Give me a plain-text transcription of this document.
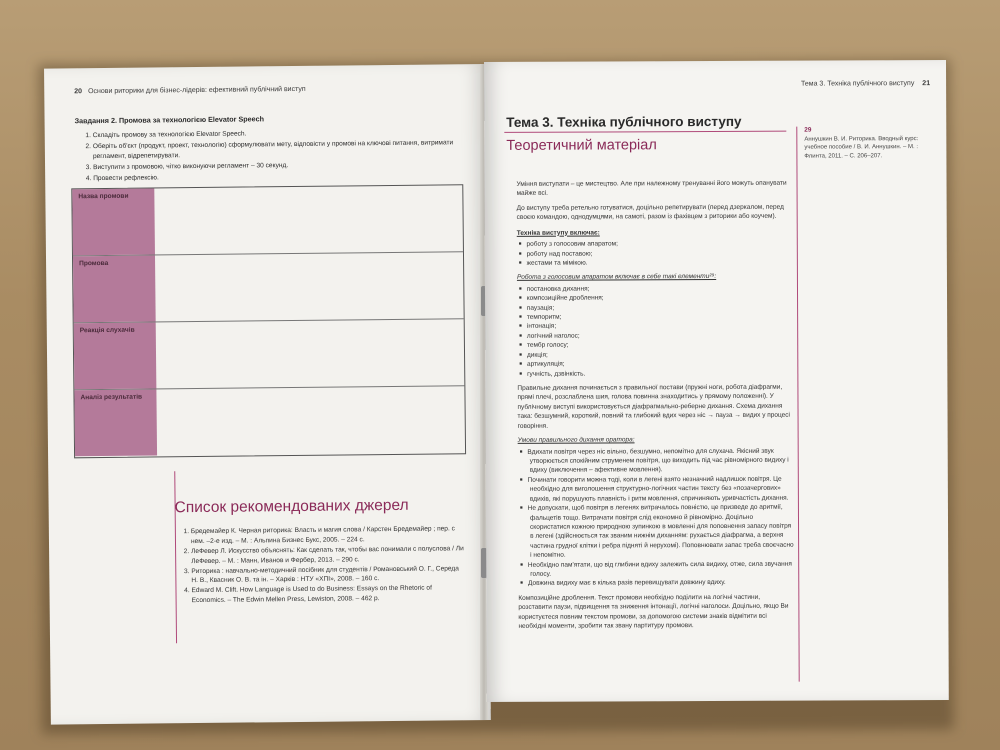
20 Основи риторики для бізнес-лідерів: ефективний публічний виступ
Завдання 2. Промова за технологією Elevator Speech
1. Складіть промову за технологією Elevator Speech.
2. Оберіть об'єкт (продукт, проект, технологію) сформулювати мету, відповісти у промові на ключові питання, витримати регламент, відрепетирувати.
3. Виступити з промовою, чітко виконуючи регламент – 30 секунд.
4. Провести рефлексію.
Назва промови
Промова
Реакція слухачів
Аналіз результатів
Список рекомендованих джерел
1. Бредемайер К. Черная риторика: Власть и магия слова / Карстен Бредемайер ; пер. с нем. –2-е изд. – М. : Альпина Бизнес Букс, 2005. – 224 с.
2. ЛеФевер Л. Искусство объяснять: Как сделать так, чтобы вас понимали с полуслова / Ли ЛеФевер. – М. : Манн, Иванов и Фербер, 2013. – 290 с.
3. Риторика : навчально-методичний посібник для студентів / Романовський О. Г., Середа Н. В., Квасник О. В. та ін. – Харків : НТУ «ХПІ», 2008. – 160 с.
4. Edward M. Clift. How Language is Used to do Business: Essays on the Rhetoric of Economics. – The Edwin Mellen Press, Lewiston, 2008. – 462 p.
Тема 3. Техніка публічного виступу 21
Тема 3. Техніка публічного виступу
Теоретичний матеріал
29
Аннушкин В. И. Риторика. Вводный курс: учебное пособие / В. И. Аннушкин. – М. : Флинта, 2011. – С. 206–207.

Уміння виступати – це мистецтво. Але при належному тренуванні його можуть опанувати майже всі.

До виступу треба ретельно готуватися, доцільно репетирувати (перед дзеркалом, перед своєю командою, однодумцями, на самоті, разом із фахівцем з риторики або коучем).

Техніка виступу включає:
■ роботу з голосовим апаратом;
■ роботу над поставою;
■ жестами та мімікою.
Робота з голосовим апаратом включає в себе такі елементи²⁹:
■ постановка дихання;
■ композиційне дроблення;
■ паузація;
■ темпоритм;
■ інтонація;
■ логічний наголос;
■ тембр голосу;
■ дикція;
■ артикуляція;
■ гучність, дзвінкість.

Правильне дихання починається з правильної постави (пружні ноги, робота діафрагми, прямі плечі, розслаблена шия, голова повинна знаходитись у прямому положенні). У публічному виступі використовується діафрагмально-реберне дихання. Схема дихання така: безшумний, короткий, повний та глибокий вдих через ніс → пауза → видих у процесі говоріння.

Умови правильного дихання оратора:
■ Вдихати повітря через ніс вільно, безшумно, непомітно для слухача. Якісний звук утворюється спокійним струменем повітря, що виходить під час рівномірного видиху і вдиху (виключення – афективне мовлення).
■ Починати говорити можна тоді, коли в легені взято незначний надлишок повітря. Це необхідно для виголошення структурно-логічних частин тексту без «позачергових» вдихів, які порушують плавність і ритм мовлення, спричиняють уривчастість дихання.
■ Не допускати, щоб повітря в легенях витрачалось повністю, це призведе до аритмії, фальцетів тощо. Витрачати повітря слід економно й рівномірно. Доцільно скористатися кожною природною зупинкою в мовленні для поповнення запасу повітря в легені (здійснюється так званим нижнім диханням: рухається діафрагма, а верхня частина грудної клітки і ребра підняті й нерухомі). Поповнювати запас треба своєчасно і непомітно.
■ Необхідно пам'ятати, що від глибини вдиху залежить сила видиху, отже, сила звучання голосу.
■ Довжина видиху має в кілька разів перевищувати довжину вдиху.

Композиційне дроблення. Текст промови необхідно поділити на логічні частини, розставити паузи, підвищення та зниження інтонації, логічні наголоси. Доцільно, якщо Ви користуєтеся повним текстом промови, за допомогою системи знаків відмітити всі необхідні моменти, зробити так звану партитуру промови.
